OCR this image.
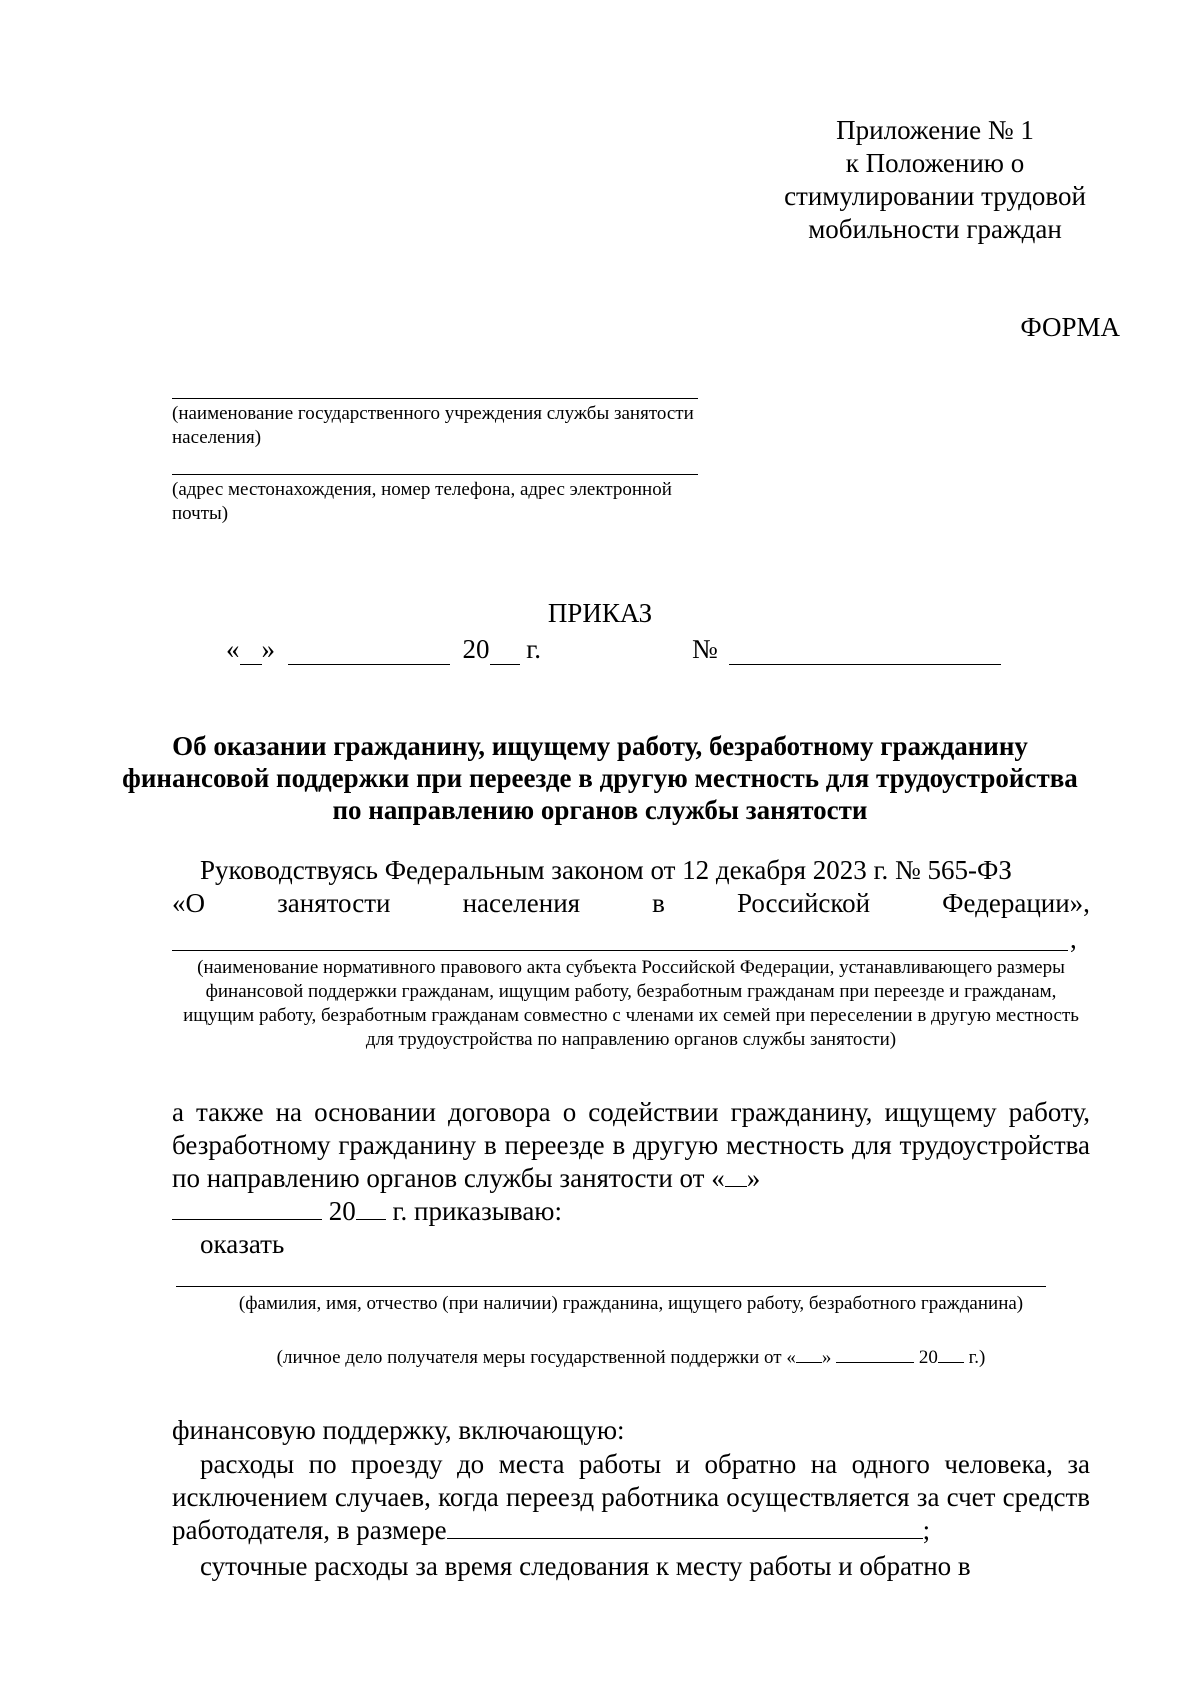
Приложение № 1
к Положению о
стимулировании трудовой
мобильности граждан
ФОРМА
(наименование государственного учреждения службы занятости населения)
(адрес местонахождения, номер телефона, адрес электронной почты)
ПРИКАЗ
« »	20 г.	№
Об оказании гражданину, ищущему работу, безработному гражданину финансовой поддержки при переезде в другую местность для трудоустройства по направлению органов службы занятости
Руководствуясь Федеральным законом от 12 декабря 2023 г. № 565-ФЗ
«О	занятости	населения	в	Российской	Федерации»,
,
(наименование нормативного правового акта субъекта Российской Федерации, устанавливающего размеры финансовой поддержки гражданам, ищущим работу, безработным гражданам при переезде и гражданам, ищущим работу, безработным гражданам совместно с членами их семей при переселении в другую местность для трудоустройства по направлению органов службы занятости)
а также на основании договора о содействии гражданину, ищущему работу, безработному гражданину в переезде в другую местность для трудоустройства по направлению органов службы занятости от « »
20 г. приказываю:
оказать
(фамилия, имя, отчество (при наличии) гражданина, ищущего работу, безработного гражданина)
(личное дело получателя меры государственной поддержки от « »	20 г.)
финансовую поддержку, включающую:
расходы по проезду до места работы и обратно на одного человека, за исключением случаев, когда переезд работника осуществляется за счет средств работодателя, в размере	;
суточные расходы за время следования к месту работы и обратно в
